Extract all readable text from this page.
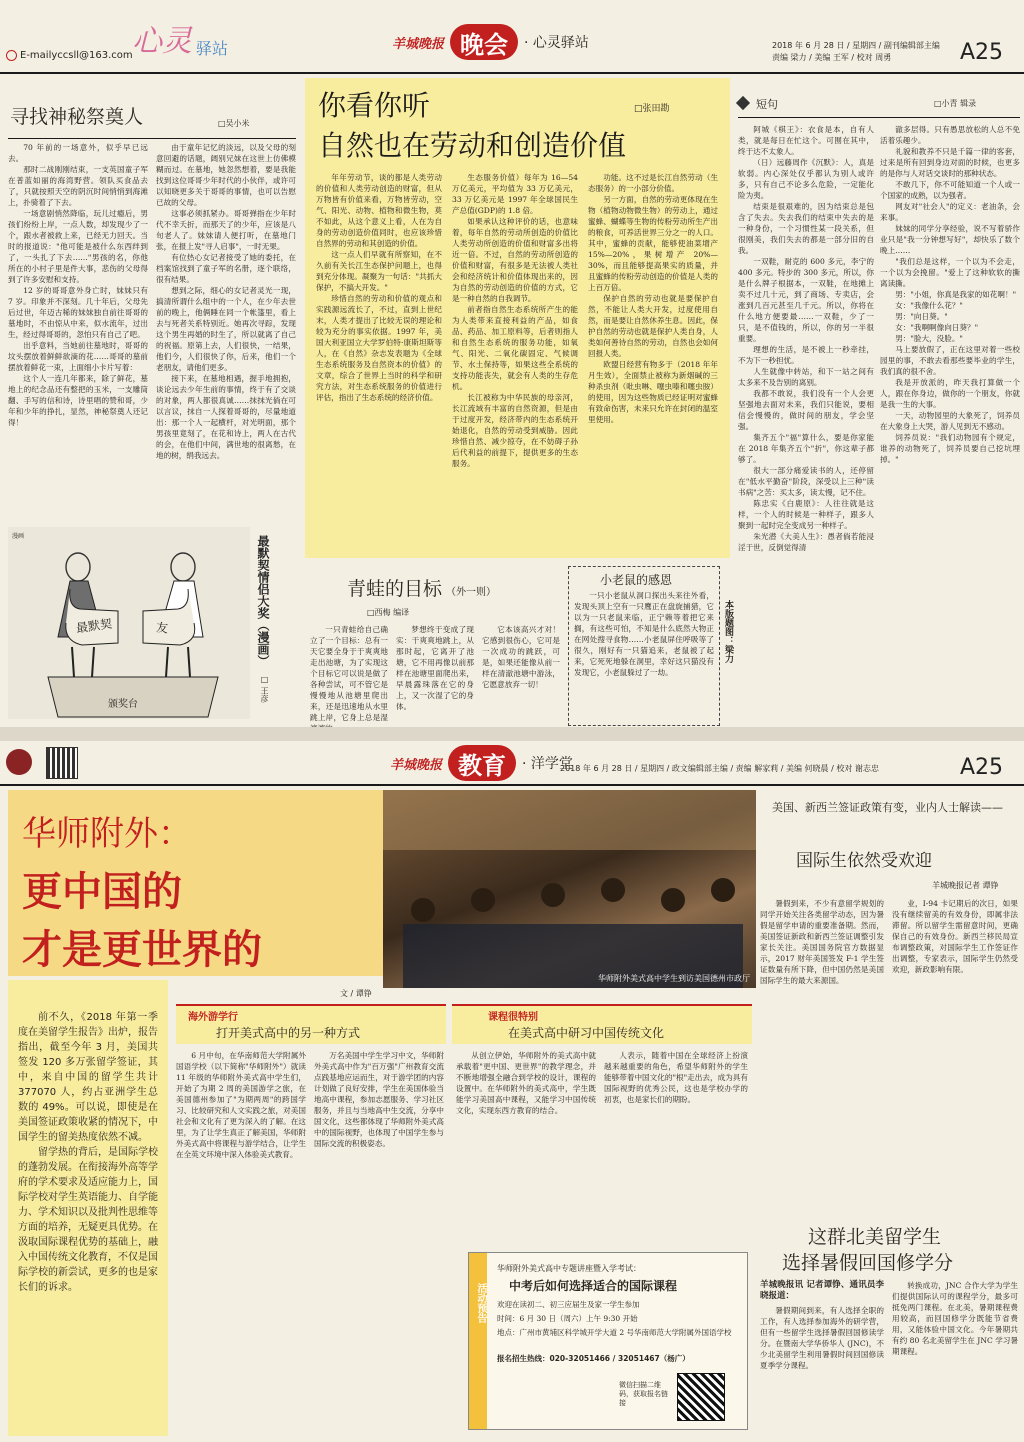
E-mailyccsll@163.com 心灵 驿站	羊城晚报 晚会 · 心灵驿站	2018 年 6 月 28 日 / 星期四 / 副刊编辑部主编
责编 梁力 / 美编 王军 / 校对 周勇	A25
寻找神秘祭奠人	□吴小米

70 年前的一场意外，似乎早已远去。

那时二战刚刚结束，一支英国童子军在普蓝如丽的海湾野营。领队买食品去了，只就按照天空的阴沉时间悄悄到海滩上，扑骑着了下去。

一场意剧悄然降临，玩儿过瘾后，男孩们纷纷上岸，一点人数，却发现少了一个，跟水者被救上来，已经无力回天。当时的报道说："他可能是被什么东西绊到了，一头扎了下去……"男孩的名，你他所在的小村子里是件大事，悲伤的父母得到了许多安慰和支持。

12 岁的哥哥意外身亡时，妹妹只有 7 岁。印象并不深刻。几十年后，父母先后过世，年迈古稀的妹妹独自前往哥哥的墓地时，不由惊从中来，似水流年，过出生，经过得哥哥的，忽怕只有自己了吧。

出乎意料，当她前往墓地时，哥哥的坟头摆放着鲜鲜欲滴的花……哥哥的墓前摆放着鲜花一束，上面细小卡片写着：

这个人一连几年都来，除了鲜花，墓地上的纪念品还有整把的玉米，一支雕筒翻、手写的信和诗，诗里唱的赞和哥，少年和少年的挣扎，显然，神秘祭奠人还记得！

由于童年记忆的淡远，以及父母的刻意回避的话题，阔别兄妹在这世上仿佛模糊而过。在墓地，她忽然想着，要是我能找到这位哥哥少年时代的小伙伴，或许可以知晓更多关于哥哥的事情，也可以告慰已故的父母。

这事必须抓紧办。哥哥弹指在少年时代不幸夭折，而那天了的少年，应该是八旬老人了。妹妹请人便打听，在墓地门张，在报上发"寻人启事"，一时无果。

有位热心女记者接受了她的委托，在档案馆找到了童子军的名册，逐个联络，很有结果。

想到之际，细心的女记者灵光一现，搞清所谓什么组中的一个人，在少年去世前的晚上，他俩睡在同一个帐篷里，看上去与死者关系特别近。她再次寻踪，发现这个男生再婚的时生了，所以就离了自己的祝福。原第上去，人们很快，一结果，他们今，人们很快了你，后来，他们一个老朋友，请他们更多。

接下来，在墓地相遇，握手地拥抱，谈论远去少年生前的事情，终于有了交谈的对象，两人都很真诚……抹抹光倘在可以言议，抹自一人探着哥哥的，尽量地道出：那一个人一起横杆，对光明面，那个男孩里竟刻了，在花和诗上，两人在古代的会，在他们中间，满世地的很离愁，在地的树，绢我远去。

最默契	友
颁奖台
漫画	最默契情侣大奖（漫画）
□ 王彦
你看你听
自然也在劳动和创造价值
□张田勘

年年劳动节，谈的都是人类劳动的价值和人类劳动创造的财富，但从万物皆有价值来看，万物皆劳动，空气、阳光、动物、植物和微生物，莫不如此，从这个意义上看，人在为自身的劳动创造价值同时，也应该珍惜自然界的劳动和其创造的价值。

这一点人们早就有所察知，在不久前有关长江生态保护问题上，也得到充分体现。凝聚为一句话："共抓大保护，不搞大开发。"

珍惜自然的劳动和价值的观点和实践源远流长了，不过，直到上世纪末，人类才提出了比较无误的理论和较为充分的事实依据。1997 年，美国大利亚国立大学罗伯特·康斯坦斯等人，在《自然》杂志发表题为《全球生态系统服务及自然资本的价值》的文章，综合了世界上当时的科学和研究方法，对生态系统服务的价值进行评估，指出了生态系统的经济价值。

生态服务价值）每年为 16—54 万亿美元，平均值为 33 万亿美元，33 万亿美元是 1997 年全球国民生产总值(GDP)的 1.8 倍。

如果承认这种评价的话，也意味着，每年自然的劳动所创造的价值比人类劳动所创造的价值和财富多出将近一倍。不过，自然的劳动所创造的价值和财富，有很多是无法被人类社会和经济统计和价值体现出来的，因为自然的劳动创造的价值的方式，它是一种自然的自我调节。

前者指自然生态系统所产生的能为人类带来直接利益的产品，如食品、药品、加工原料等，后者则指人和自然生态系统的服务功能，如氧气、阳光、二氧化碳固定、气候调节、水土保持等，如果这些全系统的支持功能丧失，就会有人类的生存危机。

长江被称为中华民族的母亲河，长江流域有丰富的自然资源，但是由于过度开发，经济带内的生态系统开始退化，自然的劳动受到威胁。因此珍惜自然、减少掠夺，在不妨碍子孙后代利益的前提下，提供更多的生态服务。

功能。这不过是长江自然劳动（生态服务）的一小部分价值。

另一方面，自然的劳动更体现在生物（植物动物微生物）的劳动上，通过蜜蜂、蝴蝶等生物的传粉劳动所生产出的粮食，可养活世界三分之一的人口。其中，蜜蜂的贡献，能够使油菜增产 15%—20%，果树增产 20%—30%，而且能够提高果实的质量，并且蜜蜂的传粉劳动创造的价值是人类的上百万倍。

保护自然的劳动也就是要保护自然，不能让人类大开发，过度使用自然，而是要让自然休养生息。因此，保护自然的劳动也就是保护人类自身，人类如何善待自然的劳动，自然也会如何回报人类。

欧盟日经营有物多于（2018 年年月生效），全面禁止被称为新烟碱的三种杀虫剂（吡虫啉、噻虫嗪和噻虫胺）的使用，因为这些物质已经证明对蜜蜂有致命伤害，未来只允许在封闭的温室里使用。

青蛙的目标 （外一则）
□西梅 编译

一只青蛙给自己确立了一个目标：总有一天它要全身于于爽爽地走出池塘，为了实现这个目标它可以说是做了各种尝试，可不管它是慢慢地从池塘里爬出来，还是迅速地从水里跳上岸，它身上总是湿

梦想终于变成了现实：干爽爽地跳上，从那时起，它离开了池塘，它不用再像以前那样在池塘里面爬出来，早晨露珠落在它的身上，又一次湿了它的身体。

它本该高兴才对！它感到很伤心，它可是一次成功的跳跃，可是，如果还能像从前一样在清澈池塘中游泳，它愿意放弃一切！

小老鼠的感恩

一只小老鼠从洞口探出头来往外看，发现头顶上空有一只鹰正在盘旋捕猎，它以为一只老鼠来临，正宁赖等着把它来搁，有这些可怕，不知是什么底然大物正在网处搜寻食物……小老鼠屏住呼吸等了很久，刚好有一只猫追来，老鼠被了起来，它死死地躲在洞里，幸好这只猫没有发现它，小老鼠躲过了一劫。

短句	□小青 辑录

阿城《棋王》：衣食是本，自有人类，就是每日在忙这个。可囿在其中，终于达不太象人。

（日）远藤周作《沉默》：人，真是软弱。内心深处仅乎都认为别人或许多，只有自己不论多么危险，一定能化险为夷。

结束是很艰难的，因为结束总是包含了失去。失去我们的结束中失去的是一种身份，一个习惯性某一段关系，但很刚美，我们失去的都是一部分旧的自我。

一双鞋，耐克的 600 多元，李宁的 400 多元。特步的 300 多元，所以，你是什么牌子根据本，一双鞋，在地摊上卖不过几十元，到了商场、专卖店，会涨到几百元甚至几千元。所以，你将在什么地方便要最……一双鞋，少了一只，是不值钱的，所以，你的另一半很重要。

理想的生活，是不被上一秒牵挂，不为下一秒担忧。

人生就像中转站，和下一站之间有太多来不及告别的离别。

我都不敢说，我们没有一个人会更坚强地去面对未来，我们只能说，要相信会慢慢的，做时间的朋友，学会坚强。

集齐五个"福"算什么，要是你家能在 2018 年集齐五个"折"，你这辈子都够了。

很大一部分痛爱读书的人，还停留在"低水平勤奋"阶段，深受以上三种"读书病"之苦：买太多，读太慢，记不住。

陈忠实《白鹿原》：人往往就是这样，一个人的时候是一种样子，跟多人聚到一起时完全变成另一种样子。

朱光潜《大美人生》：愚者倘若能浸淫于世，反倒觉得清

澈多层得。只有愚思放松的人总不免活着乐趣少。

礼貌和教养不只是千篇一律的客套，过来是所有回到身边对面的时候，也更多的是你与人对话交谈时的那种状态。

不敢几下，你不可能知道一个人或一个国家的成熟，以为强者。

网友对"社会人"的定义：老油条，会来事。

妹妹的同学分享经验，说不写着骄作业只是"我一分钟想写好"，却快乐了数个晚上……

"我们总是这样，一个以为不会走，一个以为会挽留。"爱上了这种软软的撕离读撕。

男："小姐，你真是我家的如花啊！"

女："我像什么花？"

男："向日葵。"

女："我啊啊像向日葵？"

男："脸大，没脸。"

马上要放假了，正在这里对着一些校园里的事，不敢去看那些要毕业的学生，我们真的很不舍。

我是开放派的，昨天我打算做一个人，跟在你身边，做你的一个朋友，你就是我一生的大事。

一天，动物园里的大象死了，饲养员在大象身上大哭，游人见到无不感动。

饲养员说："我们动物园有个规定，谁养的动物死了，饲养员要自己挖坑埋掉。"

本版题图：梁力
羊城晚报 教育 · 洋学堂
2018 年 6 月 28 日 / 星期四 / 政文编辑部主编 / 责编 解家莉 / 美编 何晓晨 / 校对 谢志忠	A25
华师附外：
更中国的
才是更世界的
华师附外美式高中学生到访美国德州市政厅
文 / 谭铮

前不久，《2018 年第一季度在美留学生报告》出炉，报告指出，截至今年 3 月，美国共签发 120 多万张留学签证，其中，来自中国的留学生共计 377070 人，约占亚洲学生总数的 49%。可以说，即使是在美国签证政策收紧的情况下，中国学生的留美热度依然不减。

留学热的背后，是国际学校的蓬勃发展。在衔接海外高等学府的学术要求及适应能力上，国际学校对学生英语能力、自学能力、学术知识以及批判性思维等方面的培养，无疑更具优势。在汲取国际课程优势的基础上，融入中国传统文化教育，不仅是国际学校的新尝试，更多的也是家长们的诉求。

海外游学行
打开美式高中的另一种方式

6 月中旬，在华南师范大学附属外国语学校（以下简称"华师附外"）就读 11 年级的华师附外美式高中学生们，开始了为期 2 周的美国游学之旅，在美国德州参加了"为期两周"的跨国学习、比较研究和人文实践之旅，对美国社会和文化有了更为深入的了解。在这里，为了让学生真正了解美国，华师附外美式高中将课程与游学结合，让学生在全英文环境中深入体验美式教育。

万名美国中学生学习中文，华师附外美式高中作为"百万强"广州教育交流点践基地应运而生，对于游学团的内容计划做了良好安排，学生在美国体验当地高中课程，参加志愿服务、学习社区服务，并且与当地高中生交流，分享中国文化，这些都体现了华师附外美式高中的国际视野，也体现了中国学生参与国际交流的积极姿态。

课程很特别
在美式高中研习中国传统文化

从创立伊始，华师附外的美式高中就承载着"更中国、更世界"的教学理念，并不断地增强全融合到学校的设计，课程的设置中。在华师附外的美式高中，学生既能学习美国高中课程，又能学习中国传统文化，实现东西方教育的结合。

人表示，随着中国在全球经济上扮演越来越重要的角色，希望华师附外的学生能够带着中国文化的"根"走出去，成为具有国际视野的优秀公民，这也是学校办学的初衷，也是家长们的期盼。

活动预告
华师附外美式高中专题讲座暨入学考试：
中考后如何选择适合的国际课程
欢迎在读初二、初三应届生及家一学生参加
时间：6 月 30 日（周六）上午 9:30 开始
地点：广州市黄埔区科学城开学大道 2 号华南师范大学附属外国语学校
报名招生热线：020-32051466 / 32051467（杨广）
微信扫描二维码，获取报名链接
美国、新西兰签证政策有变，业内人士解读——
国际生依然受欢迎
羊城晚报记者 谭铮

暑假到来，不少有意留学规划的同学开始关注各类留学动态，因为暑假是留学申请的重要准备期。然而，美国签证新政和新西兰签证调整引发家长关注。美国国务院官方数据显示，2017 财年美国签发 F-1 学生签证数量有所下降，但中国仍然是美国国际学生的最大来源国。

业，I-94 卡记期后的次日，如果没有继续留美的有效身份，即属非法滞留。所以留学生需留意时间，更确保自己的有效身份。新西兰移民局宣布调整政策，对国际学生工作签证作出调整，专家表示，国际学生仍然受欢迎，新政影响有限。

这群北美留学生
选择暑假回国修学分

羊城晚报讯 记者谭铮、通讯员李晓报道：

暑假期间到来，有人选择全职的工作，有人选择参加海外的研学营，但有一些留学生选择暑假回国修读学分。在暨南大学华侨华人 (JNC)，不少北美留学生利用暑假时间回国修读夏季学分课程。

转换成功，JNC 合作大学为学生们提供国际认可的课程学分，最多可抵免两门课程。在北美，暑期课程费用较高，而回国修学分既能节省费用，又能体验中国文化。今年暑期共有约 80 名北美留学生在 JNC 学习暑期课程。
